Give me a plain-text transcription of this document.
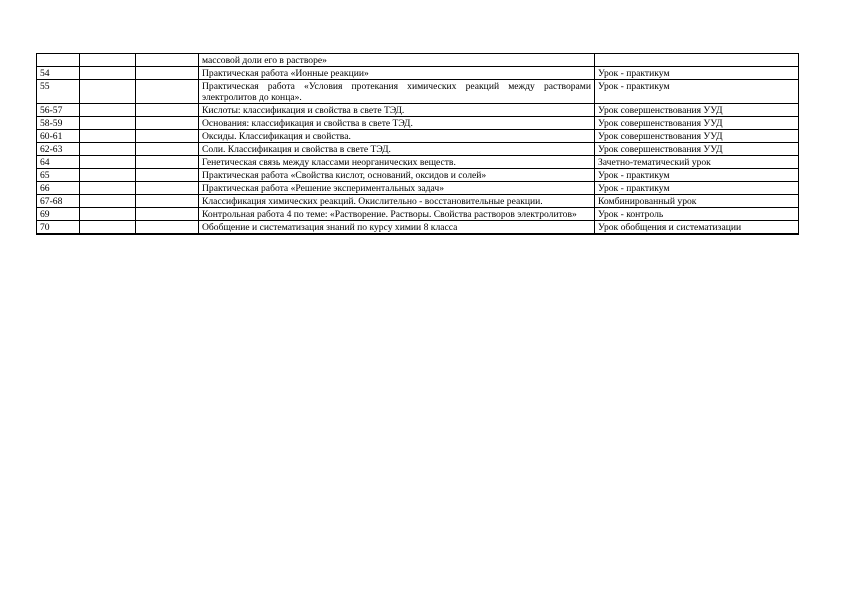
			массовой доли его в растворе»	
54			Практическая работа «Ионные реакции»	Урок - практикум
55			Практическая работа «Условия протекания химических реакций между растворами электролитов до конца».	Урок - практикум
56-57			Кислоты: классификация и свойства в свете ТЭД.	Урок совершенствования УУД
58-59			Основания: классификация и свойства в свете ТЭД.	Урок совершенствования УУД
60-61			Оксиды. Классификация и свойства.	Урок совершенствования УУД
62-63			Соли. Классификация и свойства в свете ТЭД.	Урок совершенствования УУД
64			Генетическая связь между классами неорганических веществ.	Зачетно-тематический урок
65			Практическая работа «Свойства кислот, оснований, оксидов и солей»	Урок - практикум
66			Практическая работа «Решение экспериментальных задач»	Урок - практикум
67-68			Классификация химических реакций. Окислительно - восстановительные реакции.	Комбинированный урок
69			Контрольная работа 4 по теме: «Растворение. Растворы. Свойства растворов электролитов»	Урок - контроль
70			Обобщение и систематизация знаний по курсу химии 8 класса	Урок обобщения и систематизации
